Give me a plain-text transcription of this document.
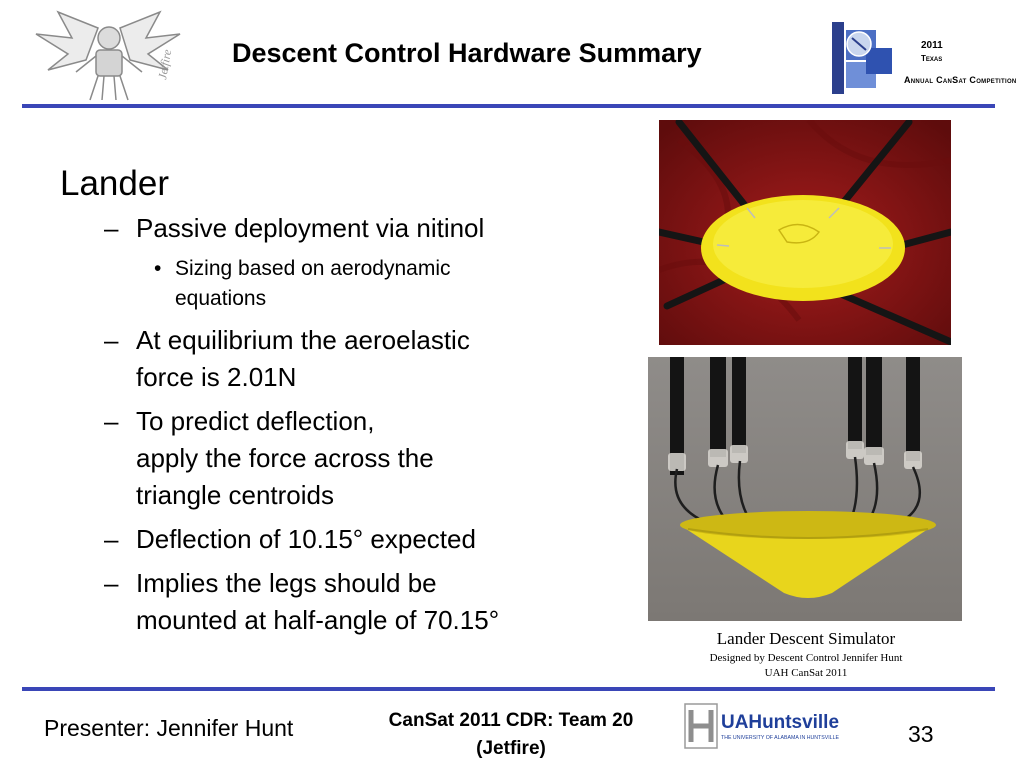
Jetfire Descent Control Hardware Summary	2011
Texas
Annual CanSat Competition
Lander
– Passive deployment via nitinol
• Sizing based on aerodynamic
equations
– At equilibrium the aeroelastic
force is 2.01N
– To predict deflection,
apply the force across the
triangle centroids
– Deflection of 10.15° expected
– Implies the legs should be
mounted at half-angle of 70.15°
Lander Descent Simulator
Designed by Descent Control Jennifer Hunt
UAH CanSat 2011
Presenter: Jennifer Hunt	CanSat 2011 CDR: Team 20
(Jetfire)
UAHuntsville
THE UNIVERSITY OF ALABAMA IN HUNTSVILLE	33
